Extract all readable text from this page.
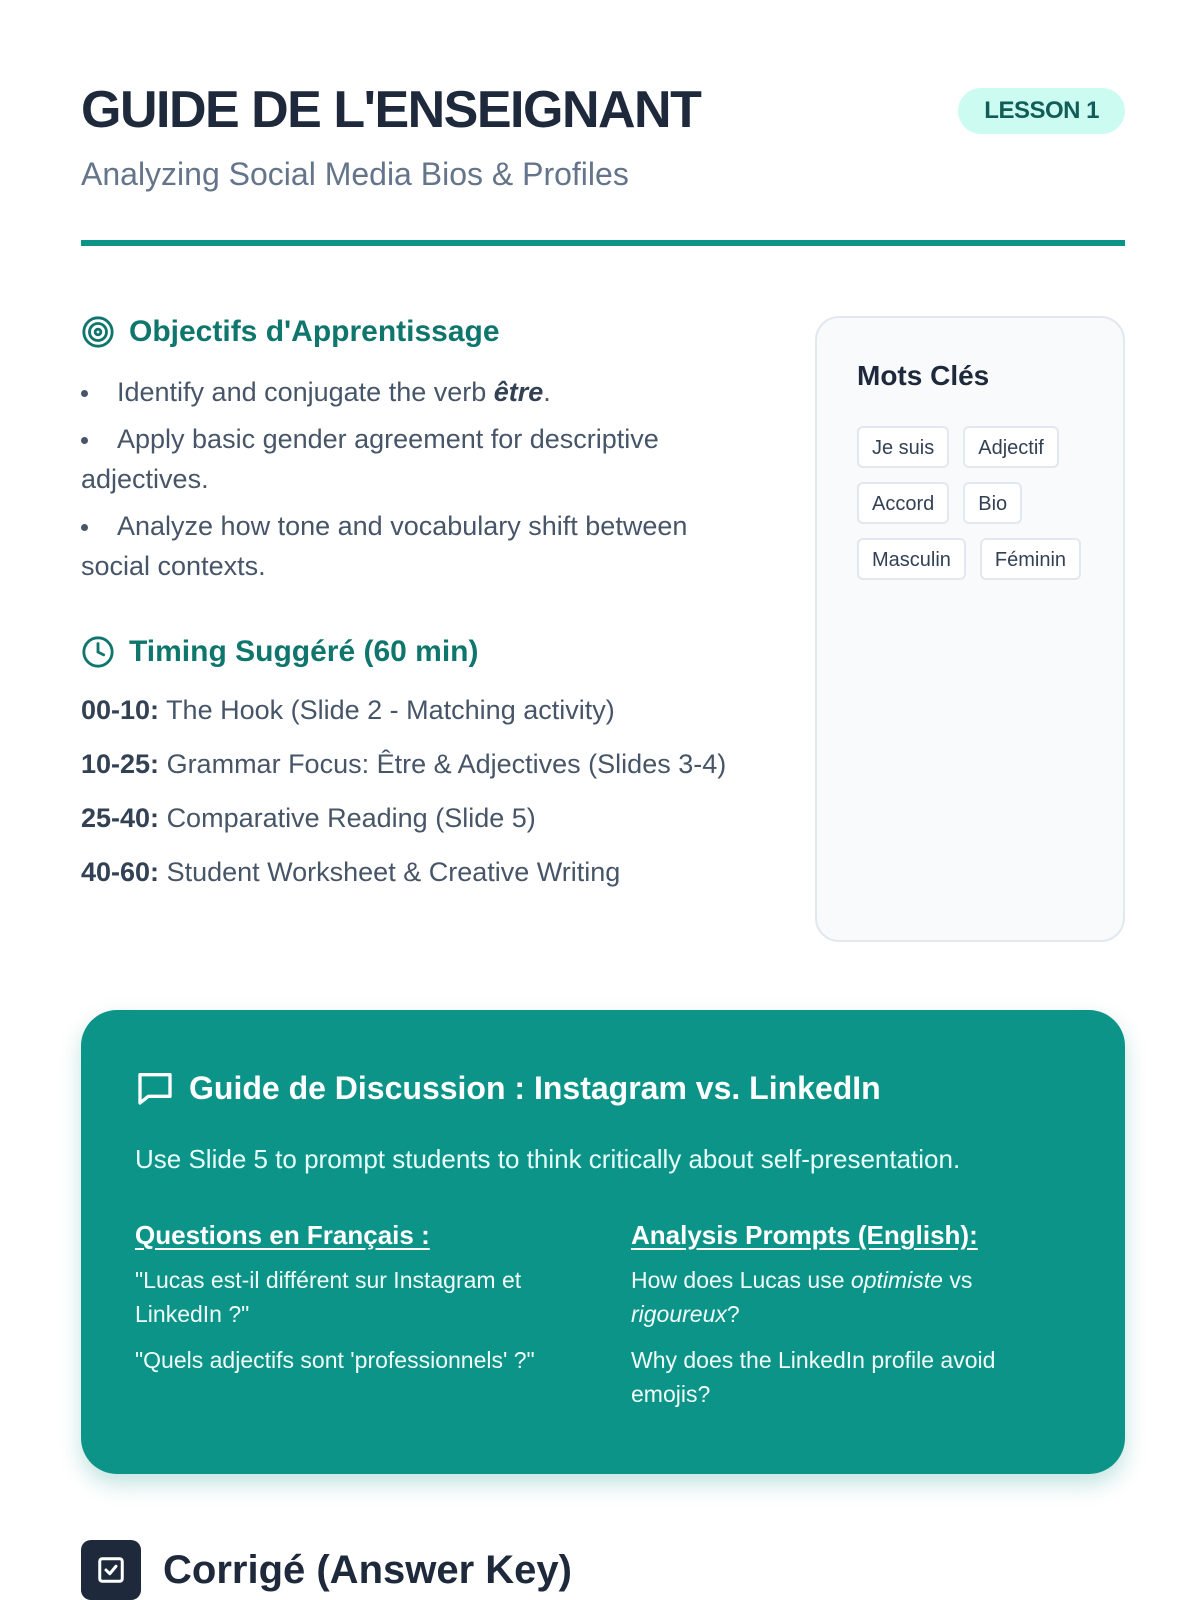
GUIDE DE L'ENSEIGNANT	LESSON 1
Analyzing Social Media Bios & Profiles
Objectifs d'Apprentissage
Identify and conjugate the verb être.
Apply basic gender agreement for descriptive adjectives.
Analyze how tone and vocabulary shift between social contexts.
Timing Suggéré (60 min)
00-10: The Hook (Slide 2 - Matching activity)
10-25: Grammar Focus: Être & Adjectives (Slides 3-4)
25-40: Comparative Reading (Slide 5)
40-60: Student Worksheet & Creative Writing
Mots Clés
Je suis	Adjectif
Accord	Bio
Masculin	Féminin
Guide de Discussion : Instagram vs. LinkedIn
Use Slide 5 to prompt students to think critically about self-presentation.
Questions en Français :

"Lucas est-il différent sur Instagram et LinkedIn ?"

"Quels adjectifs sont 'professionnels' ?"

Analysis Prompts (English):

How does Lucas use optimiste vs rigoureux?

Why does the LinkedIn profile avoid emojis?

Corrigé (Answer Key)
